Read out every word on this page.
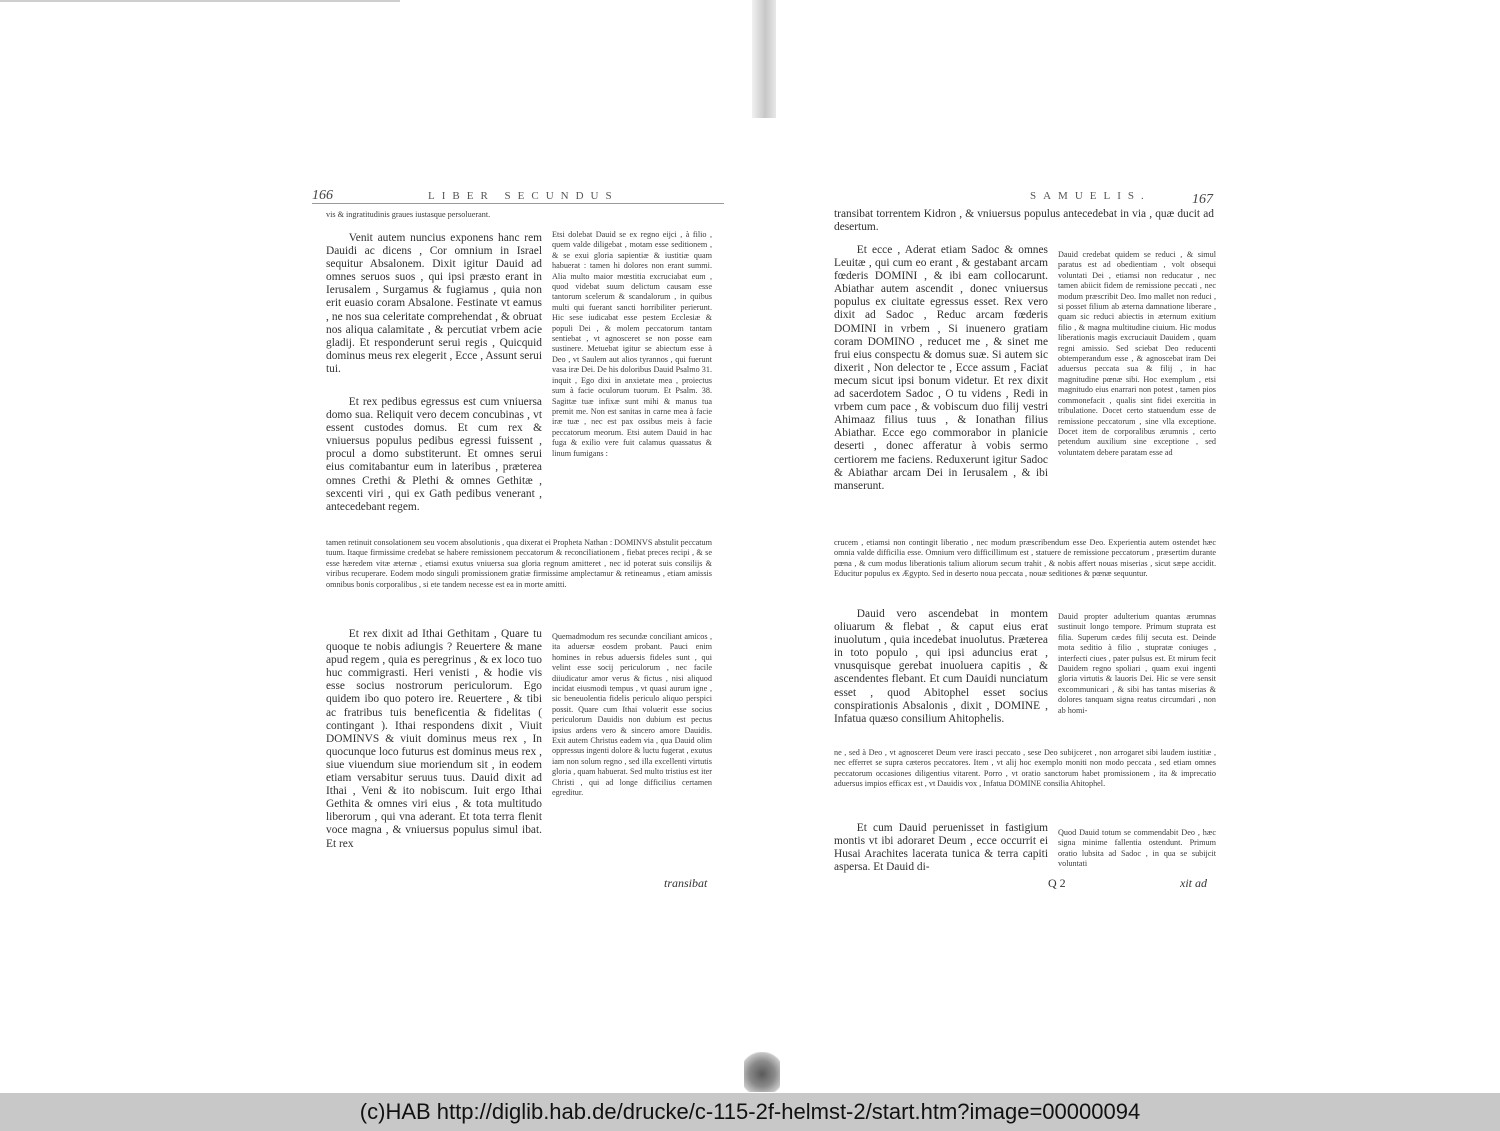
166	LIBER SECUNDUS
vis & ingratitudinis graues iustasque persoluerant.
Venit autem nuncius exponens hanc rem Dauidi ac dicens , Cor omnium in Israel sequitur Absalonem. Dixit igitur Dauid ad omnes seruos suos , qui ipsi præsto erant in Ierusalem , Surgamus & fugiamus , quia non erit euasio coram Absalone. Festinate vt eamus , ne nos sua celeritate comprehendat , & obruat nos aliqua calamitate , & percutiat vrbem acie gladij. Et responderunt serui regis , Quicquid dominus meus rex elegerit , Ecce , Assunt serui tui.
Et rex pedibus egressus est cum vniuersa domo sua. Reliquit vero decem concubinas , vt essent custodes domus. Et cum rex & vniuersus populus pedibus egressi fuissent , procul a domo substiterunt. Et omnes serui eius comitabantur eum in lateribus , præterea omnes Crethi & Plethi & omnes Gethitæ , sexcenti viri , qui ex Gath pedibus venerant , antecedebant regem.
Etsi dolebat Dauid se ex regno eijci , à filio , quem valde diligebat , motam esse seditionem , & se exui gloria sapientiæ & iustitiæ quam habuerat : tamen hi dolores non erant summi. Alia multo maior mœstitia excruciabat eum , quod videbat suum delictum causam esse tantorum scelerum & scandalorum , in quibus multi qui fuerant sancti horribiliter perierunt. Hic sese iudicabat esse pestem Ecclesiæ & populi Dei , & molem peccatorum tantam sentiebat , vt agnosceret se non posse eam sustinere. Metuebat igitur se abiectum esse à Deo , vt Saulem aut alios tyrannos , qui fuerunt vasa iræ Dei. De his doloribus Dauid Psalmo 31. inquit , Ego dixi in anxietate mea , proiectus sum à facie oculorum tuorum. Et Psalm. 38. Sagittæ tuæ infixæ sunt mihi & manus tua premit me. Non est sanitas in carne mea à facie iræ tuæ , nec est pax ossibus meis à facie peccatorum meorum. Etsi autem Dauid in hac fuga & exilio vere fuit calamus quassatus & linum fumigans :
tamen retinuit consolationem seu vocem absolutionis , qua dixerat ei Propheta Nathan : DOMINVS abstulit peccatum tuum. Itaque firmissime credebat se habere remissionem peccatorum & reconciliationem , fiebat preces recipi , & se esse hæredem vitæ æternæ , etiamsi exutus vniuersa sua gloria regnum amitteret , nec id poterat suis consilijs & viribus recuperare. Eodem modo singuli promissionem gratiæ firmissime amplectamur & retineamus , etiam amissis omnibus bonis corporalibus , si ete tandem necesse est ea in morte amitti.
Et rex dixit ad Ithai Gethitam , Quare tu quoque te nobis adiungis ? Reuertere & mane apud regem , quia es peregrinus , & ex loco tuo huc commigrasti. Heri venisti , & hodie vis esse socius nostrorum periculorum. Ego quidem ibo quo potero ire. Reuertere , & tibi ac fratribus tuis beneficentia & fidelitas ( contingant ). Ithai respondens dixit , Viuit DOMINVS & viuit dominus meus rex , In quocunque loco futurus est dominus meus rex , siue viuendum siue moriendum sit , in eodem etiam versabitur seruus tuus. Dauid dixit ad Ithai , Veni & ito nobiscum. Iuit ergo Ithai Gethita & omnes viri eius , & tota multitudo liberorum , qui vna aderant. Et tota terra flenit voce magna , & vniuersus populus simul ibat. Et rex
Quemadmodum res secundæ conciliant amicos , ita aduersæ eosdem probant. Pauci enim homines in rebus aduersis fideles sunt , qui velint esse socij periculorum , nec facile diiudicatur amor verus & fictus , nisi aliquod incidat eiusmodi tempus , vt quasi aurum igne , sic beneuolentia fidelis periculo aliquo perspici possit. Quare cum Ithai voluerit esse socius periculorum Dauidis non dubium est pectus ipsius ardens vero & sincero amore Dauidis. Exit autem Christus eadem via , qua Dauid olim oppressus ingenti dolore & luctu fugerat , exutus iam non solum regno , sed illa excellenti virtutis gloria , quam habuerat. Sed multo tristius est iter Christi , qui ad longe difficilius certamen egreditur.
transibat
SAMUELIS.	167
transibat torrentem Kidron , & vniuersus populus antecedebat in via , quæ ducit ad desertum.
Et ecce , Aderat etiam Sadoc & omnes Leuitæ , qui cum eo erant , & gestabant arcam fœderis DOMINI , & ibi eam collocarunt. Abiathar autem ascendit , donec vniuersus populus ex ciuitate egressus esset. Rex vero dixit ad Sadoc , Reduc arcam fœderis DOMINI in vrbem , Si inuenero gratiam coram DOMINO , reducet me , & sinet me frui eius conspectu & domus suæ. Si autem sic dixerit , Non delector te , Ecce assum , Faciat mecum sicut ipsi bonum videtur. Et rex dixit ad sacerdotem Sadoc , O tu videns , Redi in vrbem cum pace , & vobiscum duo filij vestri Ahimaaz filius tuus , & Ionathan filius Abiathar. Ecce ego commorabor in planicie deserti , donec afferatur à vobis sermo certiorem me faciens. Reduxerunt igitur Sadoc & Abiathar arcam Dei in Ierusalem , & ibi manserunt.
Dauid credebat quidem se reduci , & simul paratus est ad obedientiam , volt obsequi voluntati Dei , etiamsi non reducatur , nec tamen abiicit fidem de remissione peccati , nec modum præscribit Deo. Imo mallet non reduci , si posset filium ab æterna damnatione liberare , quam sic reduci abiectis in æternum exitium filio , & magna multitudine ciuium. Hic modus liberationis magis excruciauit Dauidem , quam regni amissio. Sed sciebat Deo reducenti obtemperandum esse , & agnoscebat iram Dei aduersus peccata sua & filij , in hac magnitudine pœnæ sibi. Hoc exemplum , etsi magnitudo eius enarrari non potest , tamen pios commonefacit , qualis sint fidei exercitia in tribulatione. Docet certo statuendum esse de remissione peccatorum , sine vlla exceptione. Docet item de corporalibus ærumnis , certo petendum auxilium sine exceptione , sed voluntatem debere paratam esse ad
crucem , etiamsi non contingit liberatio , nec modum præscribendum esse Deo. Experientia autem ostendet hæc omnia valde difficilia esse. Omnium vero difficillimum est , statuere de remissione peccatorum , præsertim durante pœna , & cum modus liberationis talium aliorum secum trahit , & nobis affert nouas miserias , sicut sæpe accidit. Educitur populus ex Ægypto. Sed in deserto noua peccata , nouæ seditiones & pœnæ sequuntur.
Dauid vero ascendebat in montem oliuarum & flebat , & caput eius erat inuolutum , quia incedebat inuolutus. Præterea in toto populo , qui ipsi aduncius erat , vnusquisque gerebat inuoluera capitis , & ascendentes flebant. Et cum Dauidi nunciatum esset , quod Abitophel esset socius conspirationis Absalonis , dixit , DOMINE , Infatua quæso consilium Ahitophelis.
Dauid propter adulterium quantas ærumnas sustinuit longo tempore. Primum stuprata est filia. Superum cædes filij secuta est. Deinde mota seditio à filio , stupratæ coniuges , interfecti ciues , pater pulsus est. Et mirum fecit Dauidem regno spoliari , quam exui ingenti gloria virtutis & lauoris Dei. Hic se vere sensit excommunicari , & sibi has tantas miserias & dolores tanquam signa reatus circumdari , non ab homi-
ne , sed à Deo , vt agnosceret Deum vere irasci peccato , sese Deo subijceret , non arrogaret sibi laudem iustitiæ , nec efferret se supra cæteros peccatores. Item , vt alij hoc exemplo moniti non modo peccata , sed etiam omnes peccatorum occasiones diligentius vitarent. Porro , vt oratio sanctorum habet promissionem , ita & imprecatio aduersus impios efficax est , vt Dauidis vox , Infatua DOMINE consilia Ahitophel.
Et cum Dauid peruenisset in fastigium montis vt ibi adoraret Deum , ecce occurrit ei Husai Arachites lacerata tunica & terra capiti aspersa. Et Dauid di-
Quod Dauid totum se commendabit Deo , hæc signa minime fallentia ostendunt. Primum oratio lubsita ad Sadoc , in qua se subijcit voluntati
Q 2	xit ad
(c)HAB http://diglib.hab.de/drucke/c-115-2f-helmst-2/start.htm?image=00000094
